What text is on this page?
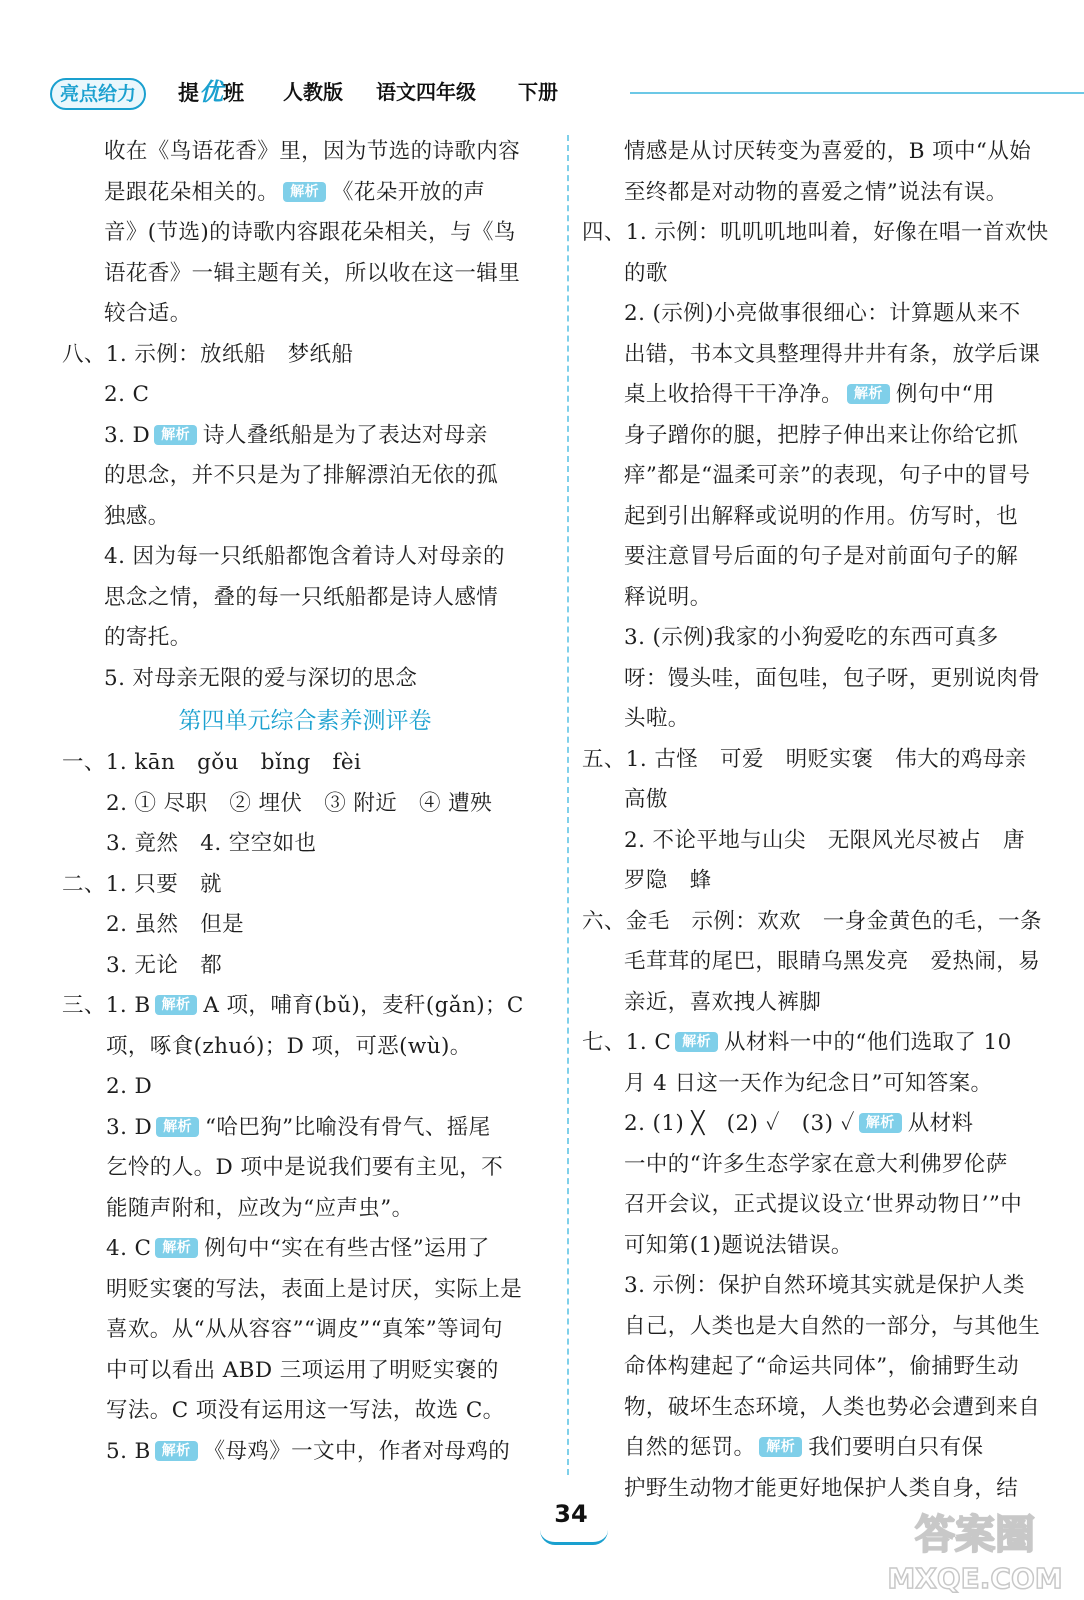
亮点给力	提优班 人教版 语文四年级 下册
收在《鸟语花香》里，因为节选的诗歌内容
是跟花朵相关的。 解析 《花朵开放的声
音》(节选)的诗歌内容跟花朵相关，与《鸟
语花香》一辑主题有关，所以收在这一辑里
较合适。
八、1. 示例：放纸船　梦纸船
2. C
3. D 解析 诗人叠纸船是为了表达对母亲
的思念，并不只是为了排解漂泊无依的孤
独感。
4. 因为每一只纸船都饱含着诗人对母亲的
思念之情，叠的每一只纸船都是诗人感情
的寄托。
5. 对母亲无限的爱与深切的思念
第四单元综合素养测评卷
一、1. kān　gǒu　bǐng　fèi
2. ① 尽职　② 埋伏　③ 附近　④ 遭殃
3. 竟然　4. 空空如也
二、1. 只要　就
2. 虽然　但是
3. 无论　都
三、1. B 解析 A 项，哺育(bǔ)，麦秆(gǎn)；C
项，啄食(zhuó)；D 项，可恶(wù)。
2. D
3. D 解析 “哈巴狗”比喻没有骨气、摇尾
乞怜的人。D 项中是说我们要有主见，不
能随声附和，应改为“应声虫”。
4. C 解析 例句中“实在有些古怪”运用了
明贬实褒的写法，表面上是讨厌，实际上是
喜欢。从“从从容容”“调皮”“真笨”等词句
中可以看出 ABD 三项运用了明贬实褒的
写法。C 项没有运用这一写法，故选 C。
5. B 解析 《母鸡》一文中，作者对母鸡的
情感是从讨厌转变为喜爱的，B 项中“从始
至终都是对动物的喜爱之情”说法有误。
四、1. 示例：叽叽叽地叫着，好像在唱一首欢快
的歌
2. (示例)小亮做事很细心：计算题从来不
出错，书本文具整理得井井有条，放学后课
桌上收拾得干干净净。 解析 例句中“用
身子蹭你的腿，把脖子伸出来让你给它抓
痒”都是“温柔可亲”的表现，句子中的冒号
起到引出解释或说明的作用。仿写时，也
要注意冒号后面的句子是对前面句子的解
释说明。
3. (示例)我家的小狗爱吃的东西可真多
呀：馒头哇，面包哇，包子呀，更别说肉骨
头啦。
五、1. 古怪　可爱　明贬实褒　伟大的鸡母亲
高傲
2. 不论平地与山尖　无限风光尽被占　唐
罗隐　蜂
六、金毛　示例：欢欢　一身金黄色的毛，一条
毛茸茸的尾巴，眼睛乌黑发亮　爱热闹，易
亲近，喜欢拽人裤脚
七、1. C 解析 从材料一中的“他们选取了 10
月 4 日这一天作为纪念日”可知答案。
2. (1) ╳　(2) ✓　(3) ✓ 解析 从材料
一中的“许多生态学家在意大利佛罗伦萨
召开会议，正式提议设立‘世界动物日’”中
可知第(1)题说法错误。
3. 示例：保护自然环境其实就是保护人类
自己，人类也是大自然的一部分，与其他生
命体构建起了“命运共同体”，偷捕野生动
物，破坏生态环境，人类也势必会遭到来自
自然的惩罚。 解析 我们要明白只有保
护野生动物才能更好地保护人类自身，结
34	答案圈
MXQE.COM
